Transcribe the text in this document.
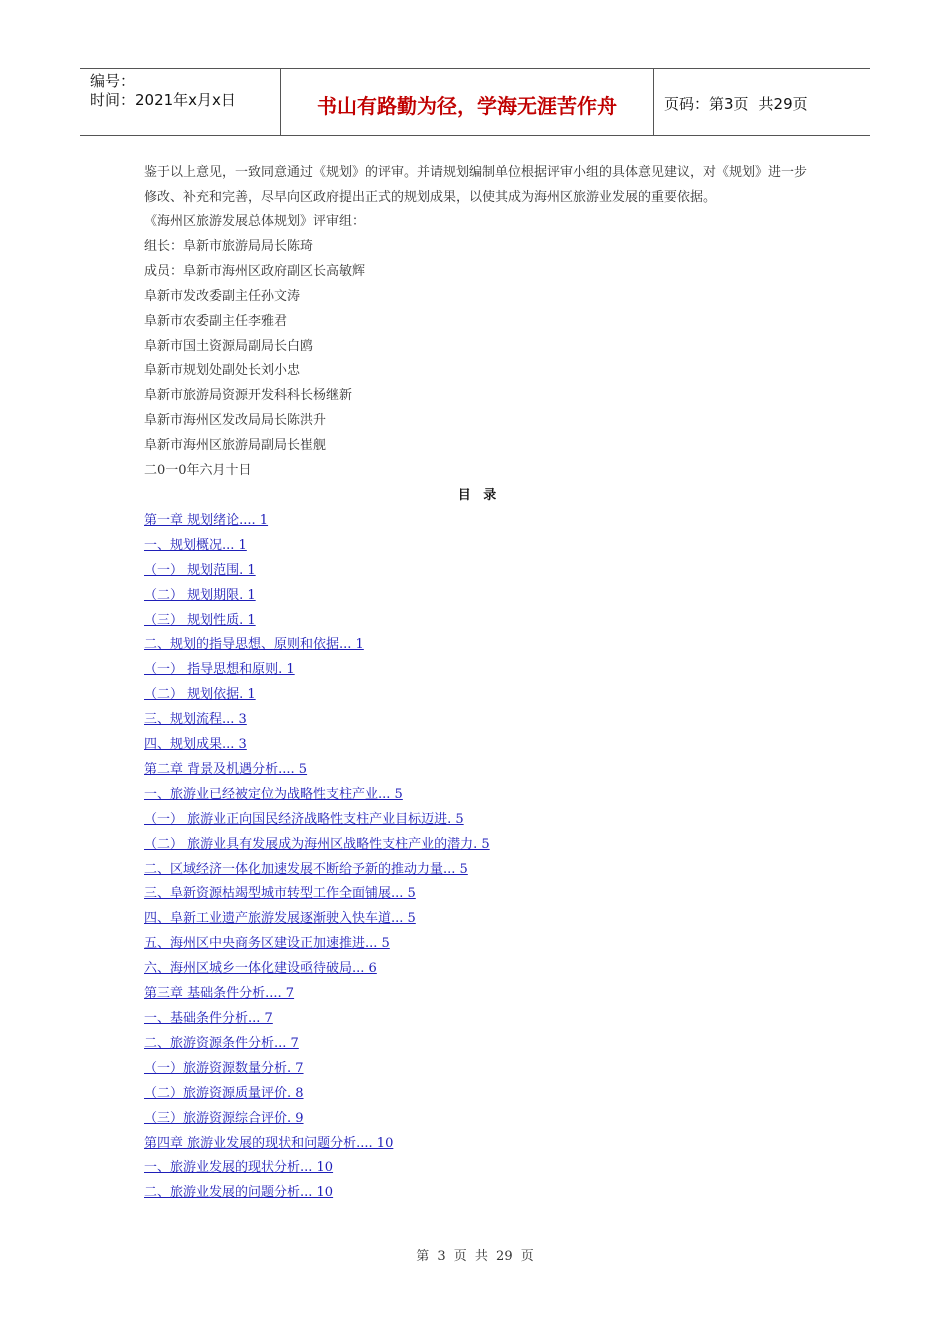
编号：
时间：2021年x月x日	书山有路勤为径，学海无涯苦作舟	页码：第3页 共29页

鉴于以上意见，一致同意通过《规划》的评审。并请规划编制单位根据评审小组的具体意见建议，对《规划》进一步修改、补充和完善，尽早向区政府提出正式的规划成果，以使其成为海州区旅游业发展的重要依据。

《海州区旅游发展总体规划》评审组：

组长：阜新市旅游局局长陈琦

成员：阜新市海州区政府副区长高敏辉

阜新市发改委副主任孙文涛

阜新市农委副主任李雅君

阜新市国土资源局副局长白鸥

阜新市规划处副处长刘小忠

阜新市旅游局资源开发科科长杨继新

阜新市海州区发改局局长陈洪升

阜新市海州区旅游局副局长崔舰

二0一0年六月十日

目 录

第一章 规划绪论.... 1
一、规划概况... 1
（一） 规划范围. 1
（二） 规划期限. 1
（三） 规划性质. 1
二、规划的指导思想、原则和依据... 1
（一） 指导思想和原则. 1
（二） 规划依据. 1
三、规划流程... 3
四、规划成果... 3
第二章 背景及机遇分析.... 5
一、旅游业已经被定位为战略性支柱产业... 5
（一） 旅游业正向国民经济战略性支柱产业目标迈进. 5
（二） 旅游业具有发展成为海州区战略性支柱产业的潜力. 5
二、区域经济一体化加速发展不断给予新的推动力量... 5
三、阜新资源枯竭型城市转型工作全面铺展... 5
四、阜新工业遗产旅游发展逐渐驶入快车道... 5
五、海州区中央商务区建设正加速推进... 5
六、海州区城乡一体化建设亟待破局... 6
第三章 基础条件分析.... 7
一、基础条件分析... 7
二、旅游资源条件分析... 7
（一）旅游资源数量分析. 7
（二）旅游资源质量评价. 8
（三）旅游资源综合评价. 9
第四章 旅游业发展的现状和问题分析.... 10
一、旅游业发展的现状分析... 10
二、旅游业发展的问题分析... 10
第 3 页 共 29 页
